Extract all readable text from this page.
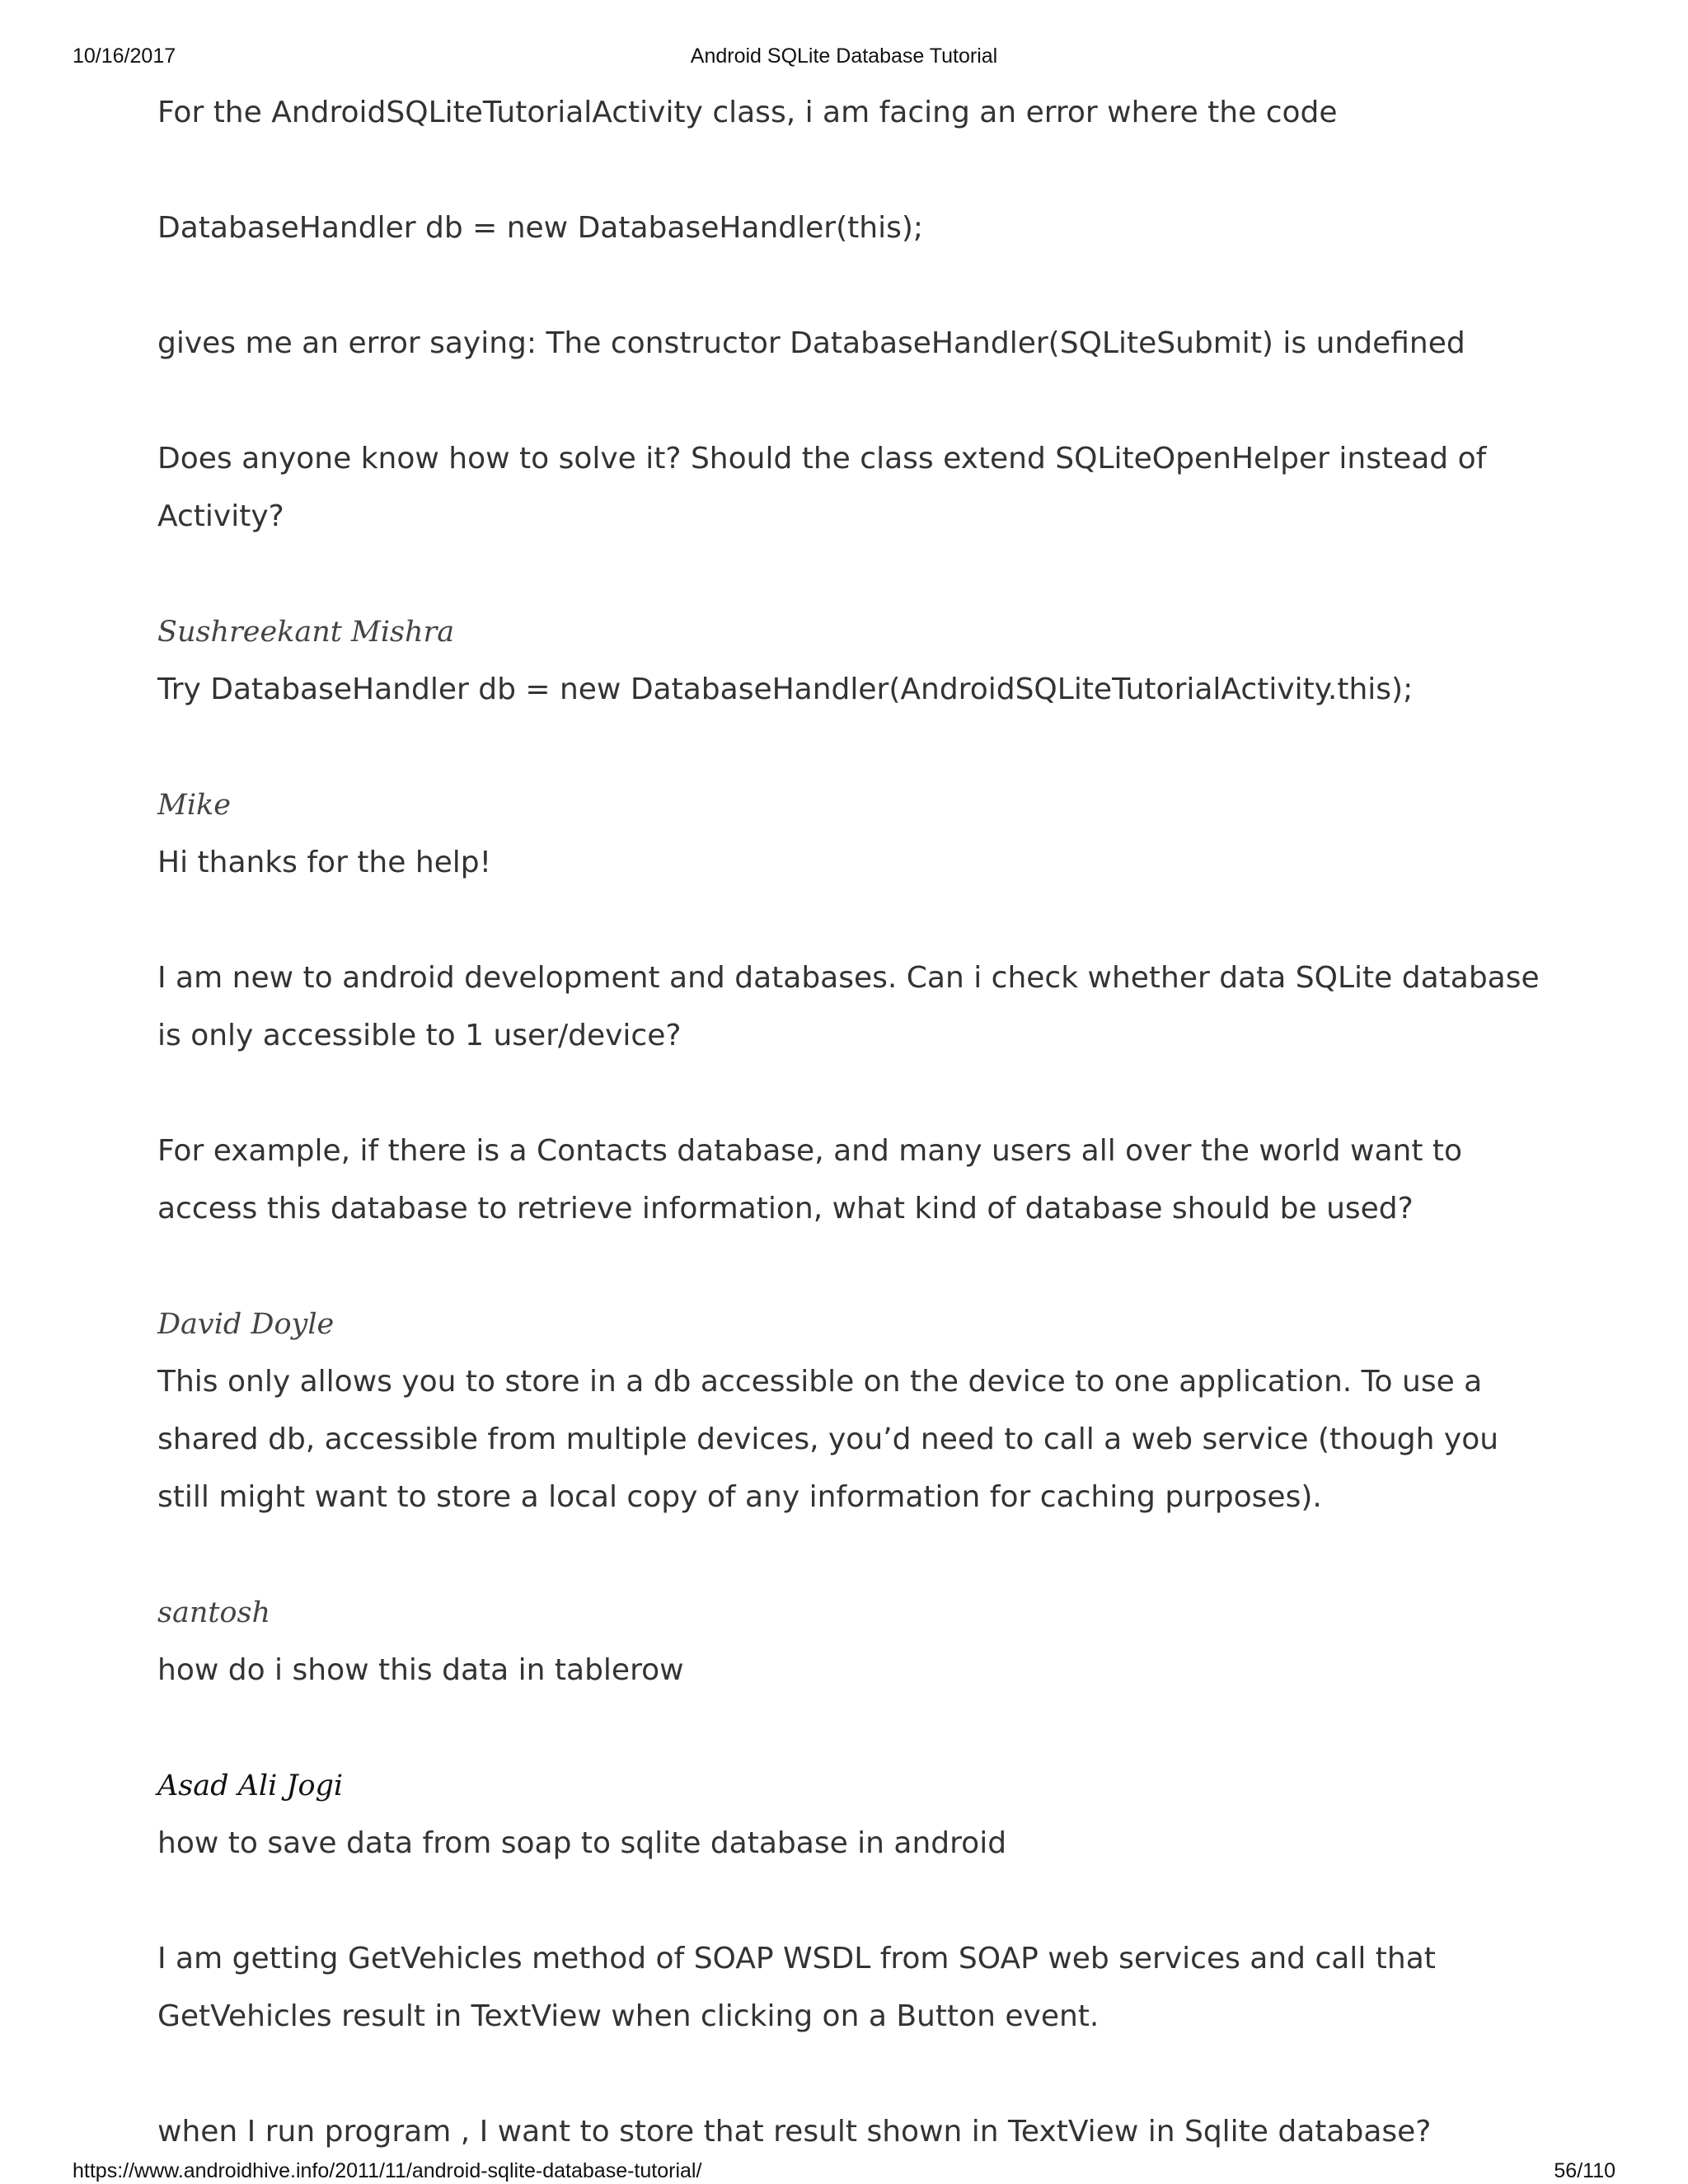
10/16/2017	Android SQLite Database Tutorial

For the AndroidSQLiteTutorialActivity class, i am facing an error where the code

DatabaseHandler db = new DatabaseHandler(this);

gives me an error saying: The constructor DatabaseHandler(SQLiteSubmit) is undefined

Does anyone know how to solve it? Should the class extend SQLiteOpenHelper instead of Activity?

Sushreekant Mishra

Try DatabaseHandler db = new DatabaseHandler(AndroidSQLiteTutorialActivity.this);

Mike

Hi thanks for the help!

I am new to android development and databases. Can i check whether data SQLite database is only accessible to 1 user/device?

For example, if there is a Contacts database, and many users all over the world want to access this database to retrieve information, what kind of database should be used?

David Doyle

This only allows you to store in a db accessible on the device to one application. To use a shared db, accessible from multiple devices, you’d need to call a web service (though you still might want to store a local copy of any information for caching purposes).

santosh

how do i show this data in tablerow

Asad Ali Jogi

how to save data from soap to sqlite database in android

I am getting GetVehicles method of SOAP WSDL from SOAP web services and call that GetVehicles result in TextView when clicking on a Button event.

when I run program , I want to store that result shown in TextView in Sqlite database?

https://www.androidhive.info/2011/11/android-sqlite-database-tutorial/	56/110
